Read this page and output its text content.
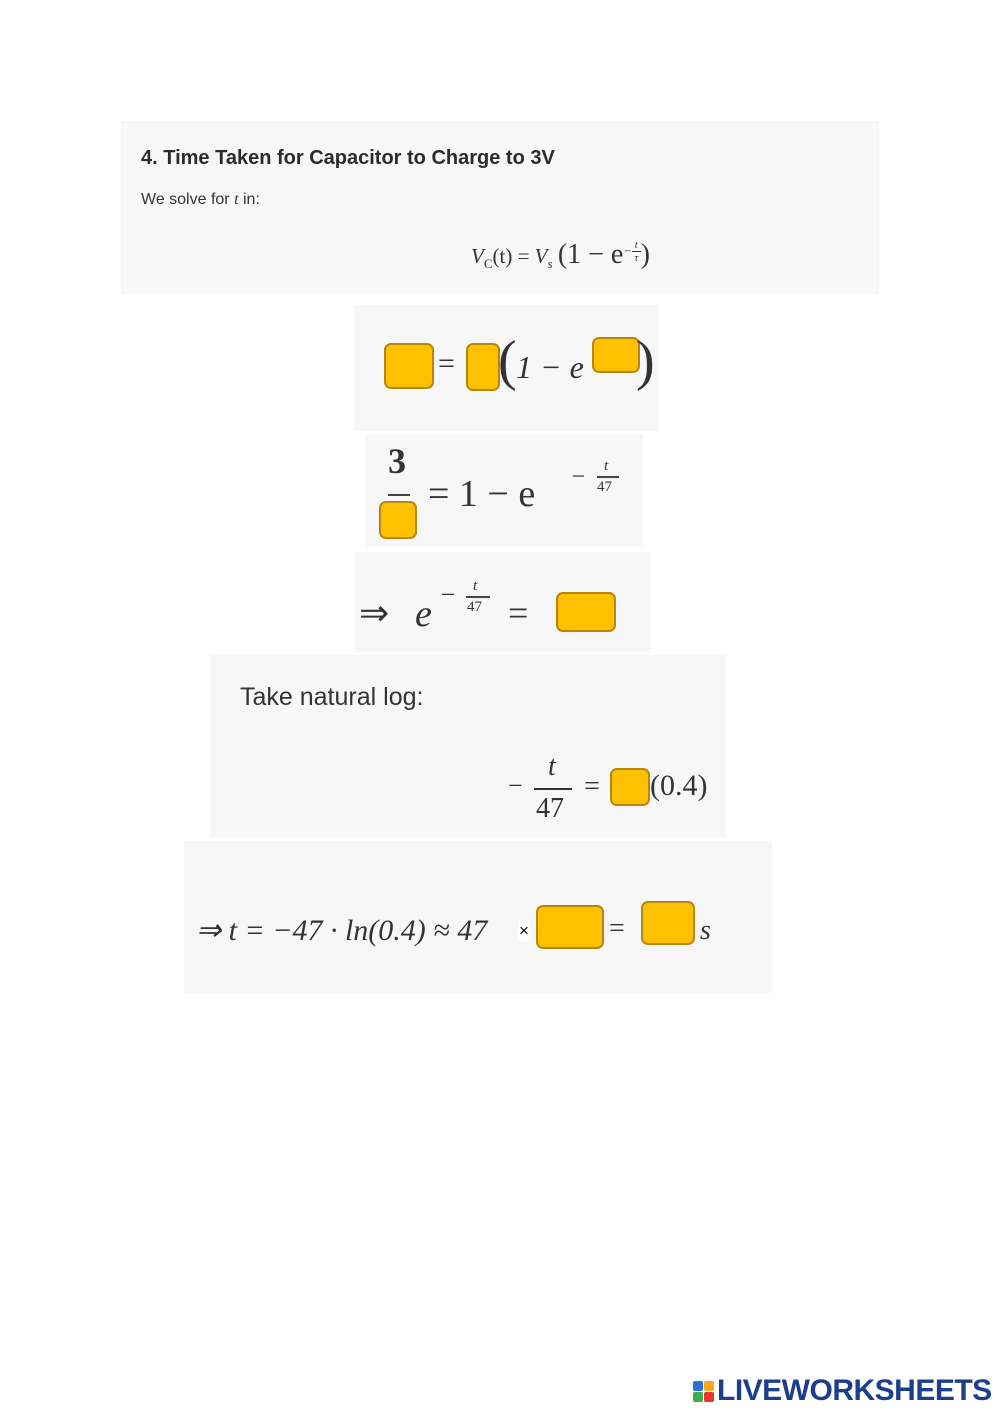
4. Time Taken for Capacitor to Charge to 3V
We solve for t in:
$V_C(t) = V_s$ ($1 - e^{- \frac{t}{\tau}}$ )
= ( 1 − e )
3
= 1 − e − t
47
⇒ e − t
47 =
Take natural log:
−
t
47
= (0.4)
⇒ t = −47 · ln(0.4) ≈ 47 ×	=	s
LIVEWORKSHEETS
